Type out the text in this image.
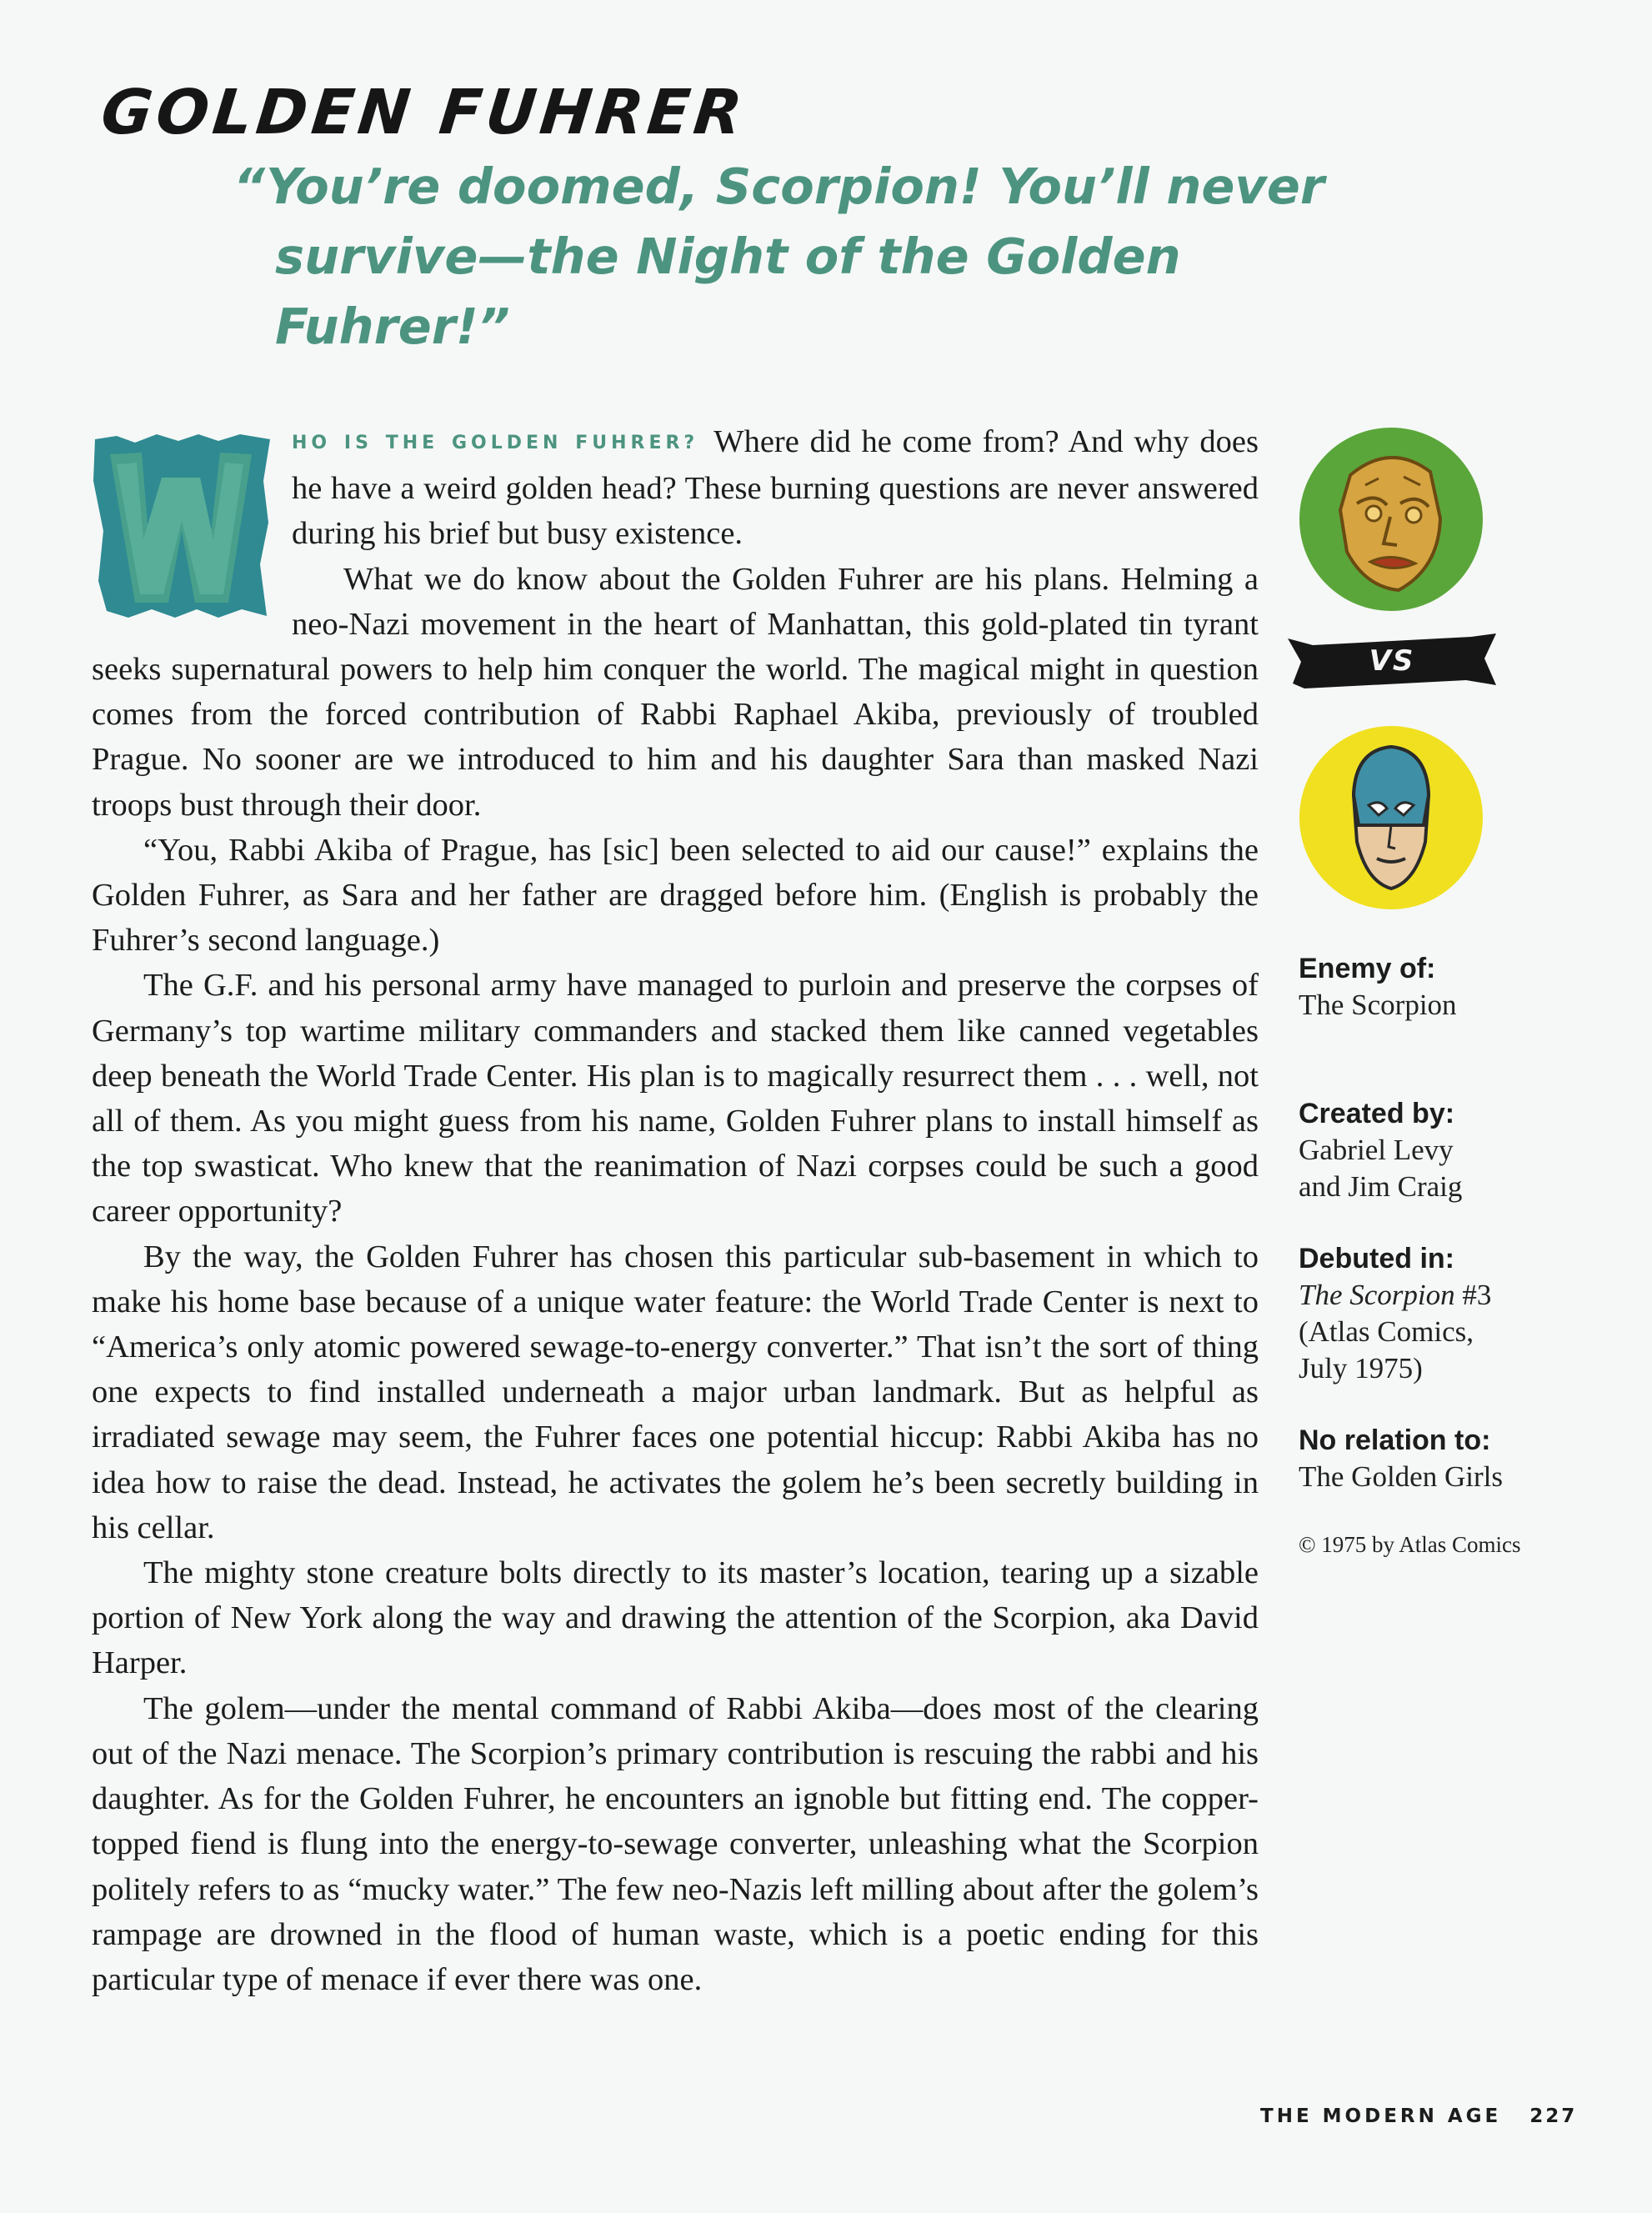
GOLDEN FUHRER

“You’re doomed, Scorpion! You’ll never
survive—the Night of the Golden Fuhrer!”

W

HO IS THE GOLDEN FUHRER? Where did he come from? And why does he have a weird golden head? These burning questions are never answered during his brief but busy existence.

What we do know about the Golden Fuhrer are his plans. Helming a neo-Nazi movement in the heart of Manhattan, this gold-plated tin tyrant seeks supernatural powers to help him conquer the world. The magical might in question comes from the forced contribution of Rabbi Raphael Akiba, previously of troubled Prague. No sooner are we introduced to him and his daughter Sara than masked Nazi troops bust through their door.

“You, Rabbi Akiba of Prague, has [sic] been selected to aid our cause!” explains the Golden Fuhrer, as Sara and her father are dragged before him. (English is probably the Fuhrer’s second language.)

The G.F. and his personal army have managed to purloin and preserve the corpses of Germany’s top wartime military commanders and stacked them like canned vegetables deep beneath the World Trade Center. His plan is to magically resurrect them . . . well, not all of them. As you might guess from his name, Golden Fuhrer plans to install himself as the top swasticat. Who knew that the reanimation of Nazi corpses could be such a good career opportunity?

By the way, the Golden Fuhrer has chosen this particular sub-basement in which to make his home base because of a unique water feature: the World Trade Center is next to “America’s only atomic powered sewage-to-energy converter.” That isn’t the sort of thing one expects to find installed underneath a major urban landmark. But as helpful as irradiated sewage may seem, the Fuhrer faces one potential hiccup: Rabbi Akiba has no idea how to raise the dead. Instead, he activates the golem he’s been secretly building in his cellar.

The mighty stone creature bolts directly to its master’s location, tearing up a sizable portion of New York along the way and drawing the attention of the Scorpion, aka David Harper.

The golem—under the mental command of Rabbi Akiba—does most of the clearing out of the Nazi menace. The Scorpion’s primary contribution is rescuing the rabbi and his daughter. As for the Golden Fuhrer, he encounters an ignoble but fitting end. The copper-topped fiend is flung into the energy-to-sewage converter, unleashing what the Scorpion politely refers to as “mucky water.” The few neo-Nazis left milling about after the golem’s rampage are drowned in the flood of human waste, which is a poetic ending for this particular type of menace if ever there was one.

VS
Enemy of:
The Scorpion
Created by:
Gabriel Levy
and Jim Craig
Debuted in:
The Scorpion #3
(Atlas Comics,
July 1975)
No relation to:
The Golden Girls
© 1975 by Atlas Comics
THE MODERN AGE 227
